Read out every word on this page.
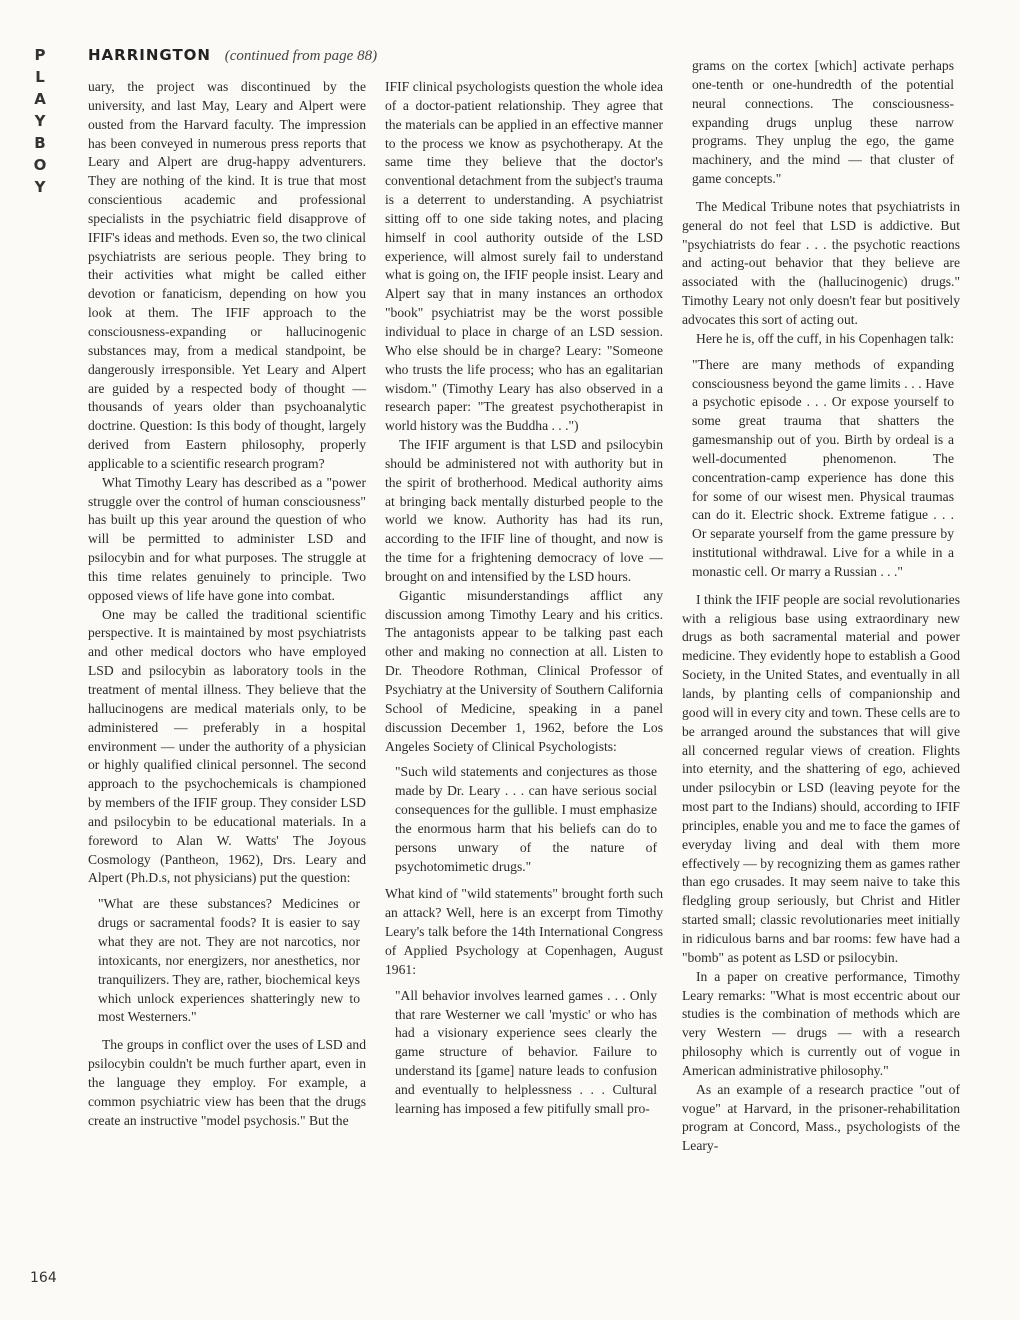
P
L
A
Y
B
O
Y
HARRINGTON (continued from page 88)

uary, the project was discontinued by the university, and last May, Leary and Alpert were ousted from the Harvard faculty. The impression has been conveyed in numerous press reports that Leary and Alpert are drug-happy adventurers. They are nothing of the kind. It is true that most conscientious academic and professional specialists in the psychiatric field disapprove of IFIF's ideas and methods. Even so, the two clinical psychiatrists are serious people. They bring to their activities what might be called either devotion or fanaticism, depending on how you look at them. The IFIF approach to the consciousness-expanding or hallucinogenic substances may, from a medical standpoint, be dangerously irresponsible. Yet Leary and Alpert are guided by a respected body of thought — thousands of years older than psychoanalytic doctrine. Question: Is this body of thought, largely derived from Eastern philosophy, properly applicable to a scientific research program?

What Timothy Leary has described as a "power struggle over the control of human consciousness" has built up this year around the question of who will be permitted to administer LSD and psilocybin and for what purposes. The struggle at this time relates genuinely to principle. Two opposed views of life have gone into combat.

One may be called the traditional scientific perspective. It is maintained by most psychiatrists and other medical doctors who have employed LSD and psilocybin as laboratory tools in the treatment of mental illness. They believe that the hallucinogens are medical materials only, to be administered — preferably in a hospital environment — under the authority of a physician or highly qualified clinical personnel. The second approach to the psychochemicals is championed by members of the IFIF group. They consider LSD and psilocybin to be educational materials. In a foreword to Alan W. Watts' The Joyous Cosmology (Pantheon, 1962), Drs. Leary and Alpert (Ph.D.s, not physicians) put the question:

"What are these substances? Medicines or drugs or sacramental foods? It is easier to say what they are not. They are not narcotics, nor intoxicants, nor energizers, nor anesthetics, nor tranquilizers. They are, rather, biochemical keys which unlock experiences shatteringly new to most Westerners."

The groups in conflict over the uses of LSD and psilocybin couldn't be much further apart, even in the language they employ. For example, a common psychiatric view has been that the drugs create an instructive "model psychosis." But the

IFIF clinical psychologists question the whole idea of a doctor-patient relationship. They agree that the materials can be applied in an effective manner to the process we know as psychotherapy. At the same time they believe that the doctor's conventional detachment from the subject's trauma is a deterrent to understanding. A psychiatrist sitting off to one side taking notes, and placing himself in cool authority outside of the LSD experience, will almost surely fail to understand what is going on, the IFIF people insist. Leary and Alpert say that in many instances an orthodox "book" psychiatrist may be the worst possible individual to place in charge of an LSD session. Who else should be in charge? Leary: "Someone who trusts the life process; who has an egalitarian wisdom." (Timothy Leary has also observed in a research paper: "The greatest psychotherapist in world history was the Buddha . . .")

The IFIF argument is that LSD and psilocybin should be administered not with authority but in the spirit of brotherhood. Medical authority aims at bringing back mentally disturbed people to the world we know. Authority has had its run, according to the IFIF line of thought, and now is the time for a frightening democracy of love — brought on and intensified by the LSD hours.

Gigantic misunderstandings afflict any discussion among Timothy Leary and his critics. The antagonists appear to be talking past each other and making no connection at all. Listen to Dr. Theodore Rothman, Clinical Professor of Psychiatry at the University of Southern California School of Medicine, speaking in a panel discussion December 1, 1962, before the Los Angeles Society of Clinical Psychologists:

"Such wild statements and conjectures as those made by Dr. Leary . . . can have serious social consequences for the gullible. I must emphasize the enormous harm that his beliefs can do to persons unwary of the nature of psychotomimetic drugs."

What kind of "wild statements" brought forth such an attack? Well, here is an excerpt from Timothy Leary's talk before the 14th International Congress of Applied Psychology at Copenhagen, August 1961:

"All behavior involves learned games . . . Only that rare Westerner we call 'mystic' or who has had a visionary experience sees clearly the game structure of behavior. Failure to understand its [game] nature leads to confusion and eventually to helplessness . . . Cultural learning has imposed a few pitifully small pro-
grams on the cortex [which] activate perhaps one-tenth or one-hundredth of the potential neural connections. The consciousness-expanding drugs unplug these narrow programs. They unplug the ego, the game machinery, and the mind — that cluster of game concepts."

The Medical Tribune notes that psychiatrists in general do not feel that LSD is addictive. But "psychiatrists do fear . . . the psychotic reactions and acting-out behavior that they believe are associated with the (hallucinogenic) drugs." Timothy Leary not only doesn't fear but positively advocates this sort of acting out.

Here he is, off the cuff, in his Copenhagen talk:

"There are many methods of expanding consciousness beyond the game limits . . . Have a psychotic episode . . . Or expose yourself to some great trauma that shatters the gamesmanship out of you. Birth by ordeal is a well-documented phenomenon. The concentration-camp experience has done this for some of our wisest men. Physical traumas can do it. Electric shock. Extreme fatigue . . . Or separate yourself from the game pressure by institutional withdrawal. Live for a while in a monastic cell. Or marry a Russian . . ."

I think the IFIF people are social revolutionaries with a religious base using extraordinary new drugs as both sacramental material and power medicine. They evidently hope to establish a Good Society, in the United States, and eventually in all lands, by planting cells of companionship and good will in every city and town. These cells are to be arranged around the substances that will give all concerned regular views of creation. Flights into eternity, and the shattering of ego, achieved under psilocybin or LSD (leaving peyote for the most part to the Indians) should, according to IFIF principles, enable you and me to face the games of everyday living and deal with them more effectively — by recognizing them as games rather than ego crusades. It may seem naive to take this fledgling group seriously, but Christ and Hitler started small; classic revolutionaries meet initially in ridiculous barns and bar rooms: few have had a "bomb" as potent as LSD or psilocybin.

In a paper on creative performance, Timothy Leary remarks: "What is most eccentric about our studies is the combination of methods which are very Western — drugs — with a research philosophy which is currently out of vogue in American administrative philosophy."

As an example of a research practice "out of vogue" at Harvard, in the prisoner-rehabilitation program at Concord, Mass., psychologists of the Leary-

164
